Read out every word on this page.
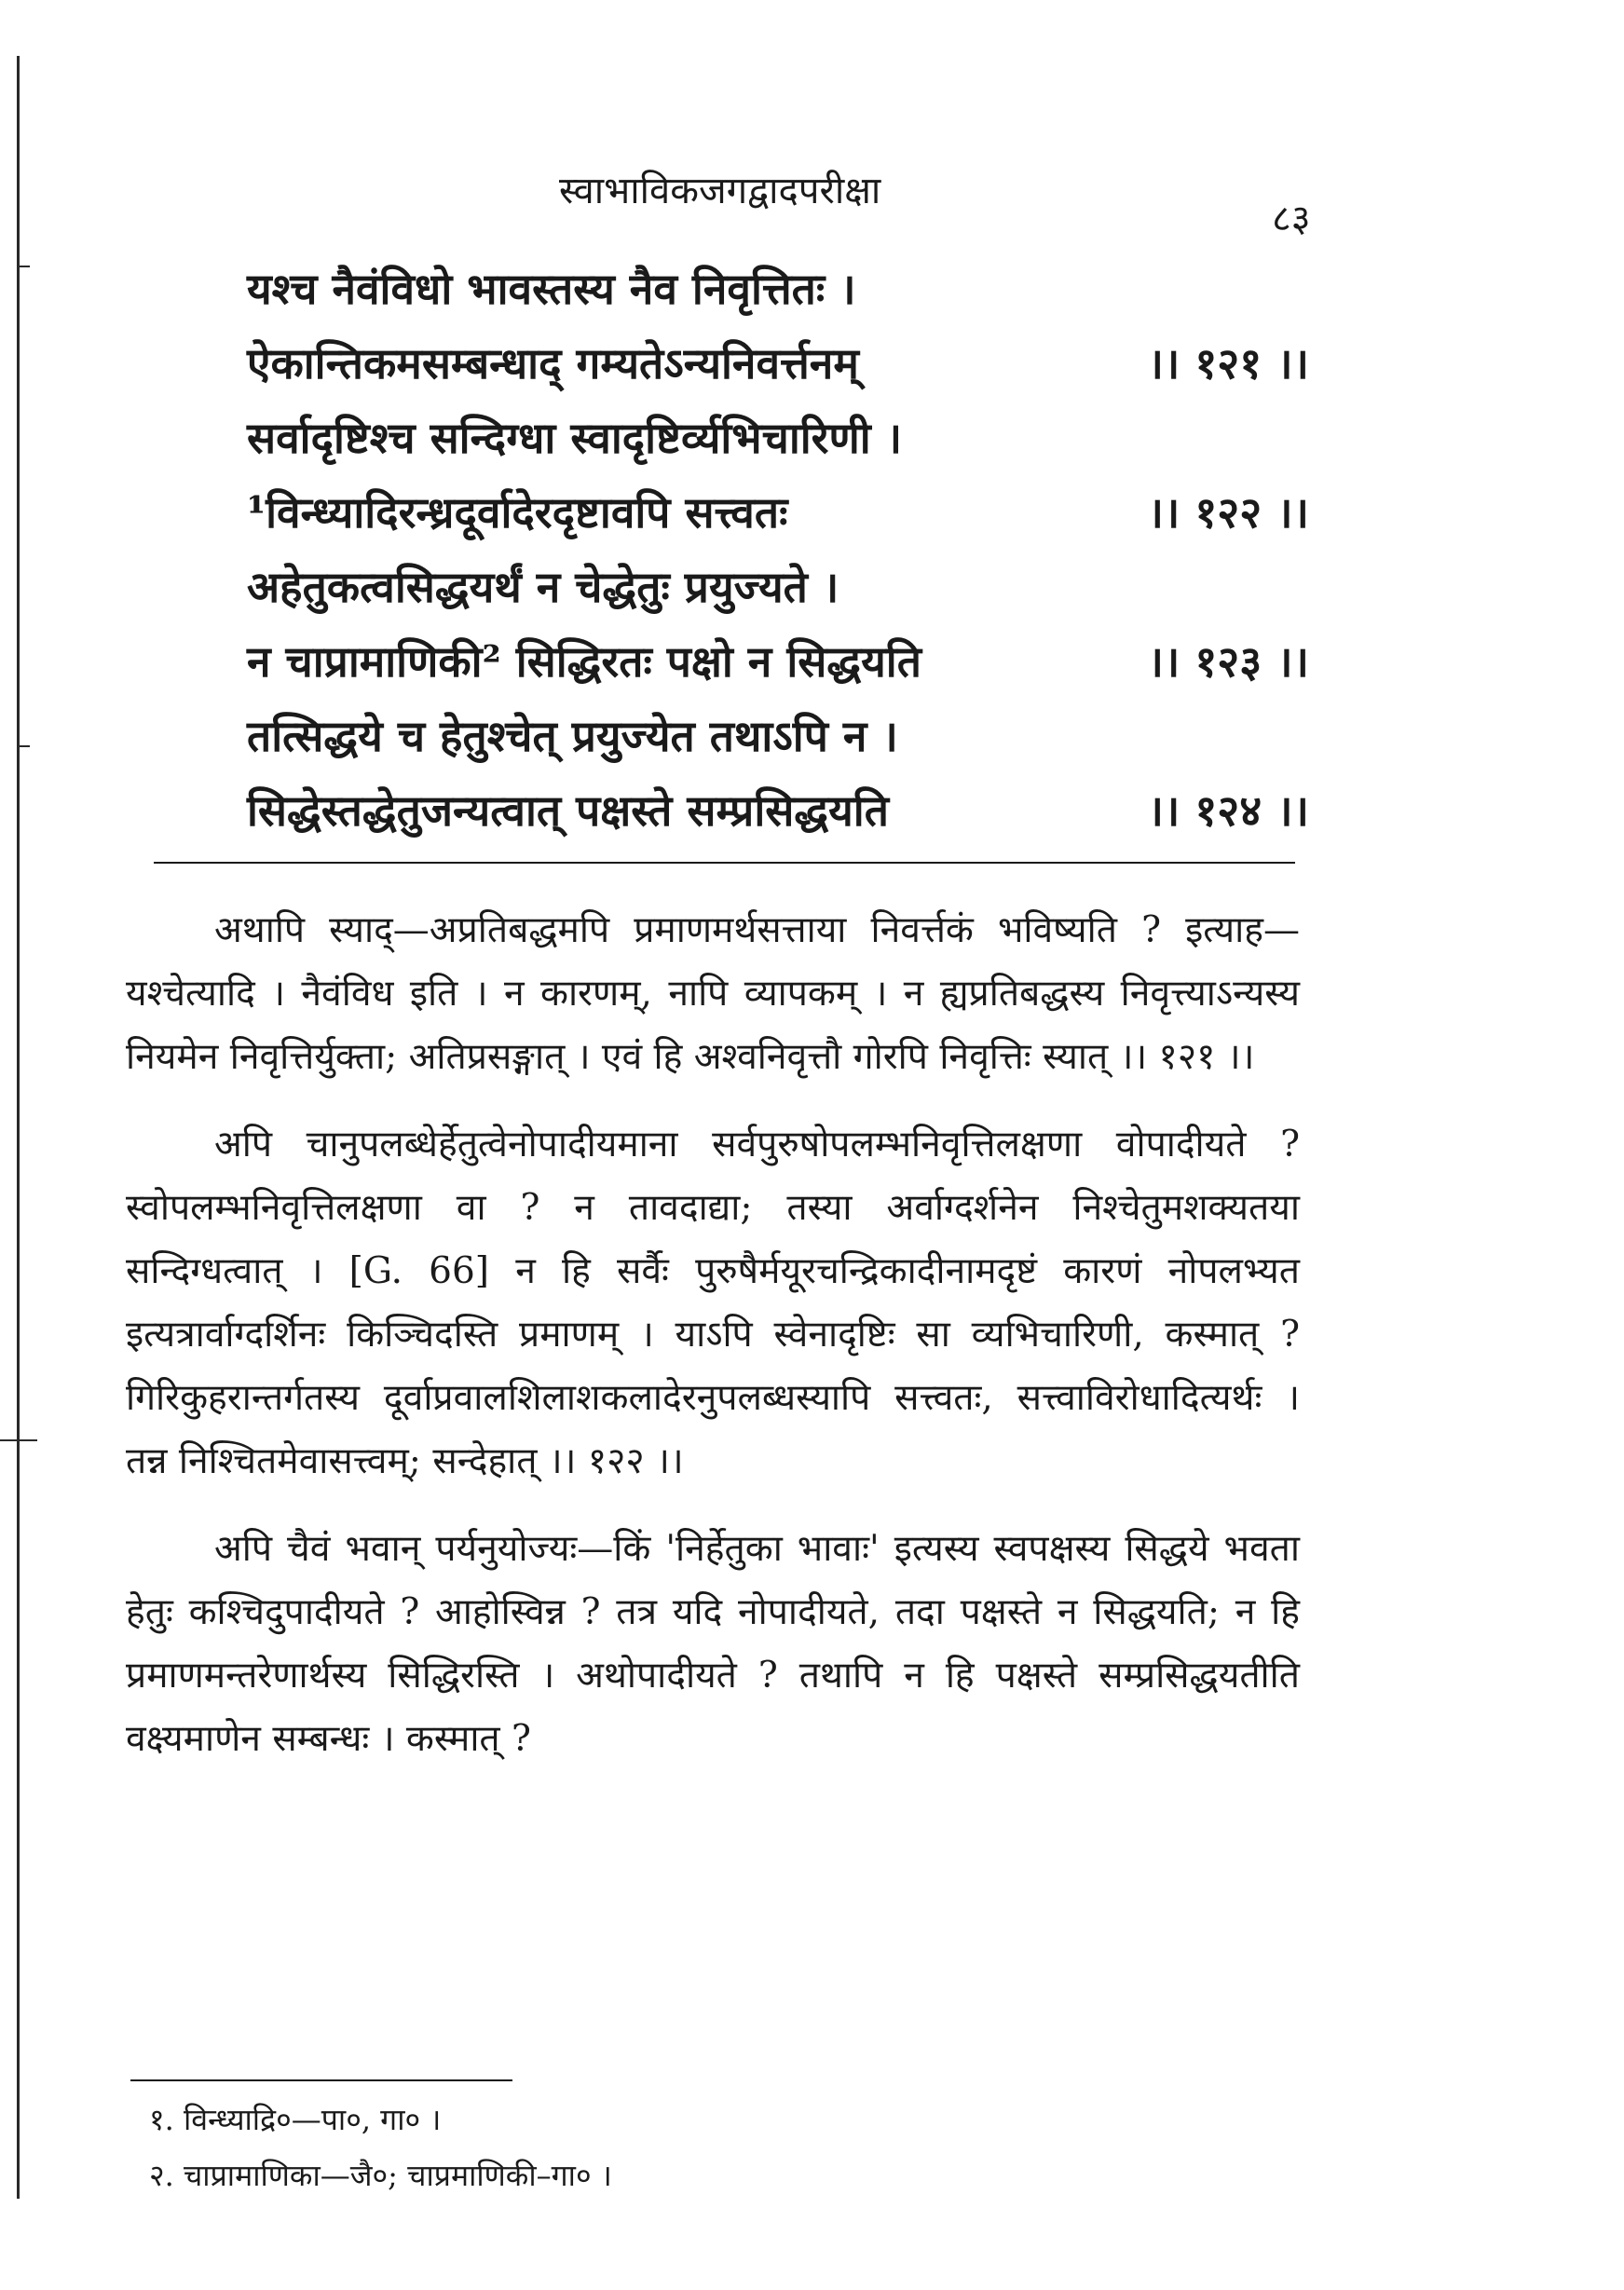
स्वाभाविकजगद्वादपरीक्षा
८३
यश्च नैवंविधो भावस्तस्य नैव निवृत्तितः ।
ऐकान्तिकमसम्बन्धाद् गम्यतेऽन्यनिवर्त्तनम्	।। १२१ ।।
सर्वादृष्टिश्च सन्दिग्धा स्वादृष्टिर्व्यभिचारिणी ।
¹विन्ध्यादिरन्ध्रदूर्वादेरदृष्टावपि सत्त्वतः	।। १२२ ।।
अहेतुकत्वसिद्धयर्थं न चेद्धेतुः प्रयुज्यते ।
न चाप्रामाणिकी² सिद्धिरतः पक्षो न सिद्धयति	।। १२३ ।।
तत्सिद्धये च हेतुश्चेत् प्रयुज्येत तथाऽपि न ।
सिद्धेस्तद्धेतुजन्यत्वात् पक्षस्ते सम्प्रसिद्धयति	।। १२४ ।।

अथापि स्याद्—अप्रतिबद्धमपि प्रमाणमर्थसत्ताया निवर्त्तकं भविष्यति ? इत्याह—यश्चेत्यादि । नैवंविध इति । न कारणम्, नापि व्यापकम् । न ह्यप्रतिबद्धस्य निवृत्त्याऽन्यस्य नियमेन निवृत्तिर्युक्ता; अतिप्रसङ्गात् । एवं हि अश्वनिवृत्तौ गोरपि निवृत्तिः स्यात् ।। १२१ ।।

अपि चानुपलब्धेर्हेतुत्वेनोपादीयमाना सर्वपुरुषोपलम्भनिवृत्तिलक्षणा वोपादीयते ? स्वोपलम्भनिवृत्तिलक्षणा वा ? न तावदाद्या; तस्या अर्वाग्दर्शनेन निश्चेतुमशक्यतया सन्दिग्धत्वात् । [G. 66] न हि सर्वैः पुरुषैर्मयूरचन्द्रिकादीनामदृष्टं कारणं नोपलभ्यत इत्यत्रार्वाग्दर्शिनः किञ्चिदस्ति प्रमाणम् । याऽपि स्वेनादृष्टिः सा व्यभिचारिणी, कस्मात् ? गिरिकुहरान्तर्गतस्य दूर्वाप्रवालशिलाशकलादेरनुपलब्धस्यापि सत्त्वतः, सत्त्वाविरोधादित्यर्थः । तन्न निश्चितमेवासत्त्वम्; सन्देहात् ।। १२२ ।।

अपि चैवं भवान् पर्यनुयोज्यः—किं 'निर्हेतुका भावाः' इत्यस्य स्वपक्षस्य सिद्धये भवता हेतुः कश्चिदुपादीयते ? आहोस्विन्न ? तत्र यदि नोपादीयते, तदा पक्षस्ते न सिद्धयति; न हि प्रमाणमन्तरेणार्थस्य सिद्धिरस्ति । अथोपादीयते ? तथापि न हि पक्षस्ते सम्प्रसिद्धयतीति वक्ष्यमाणेन सम्बन्धः । कस्मात् ?

१. विन्ध्याद्रि०—पा०, गा० ।
२. चाप्रामाणिका—जै०; चाप्रमाणिकी–गा० ।
